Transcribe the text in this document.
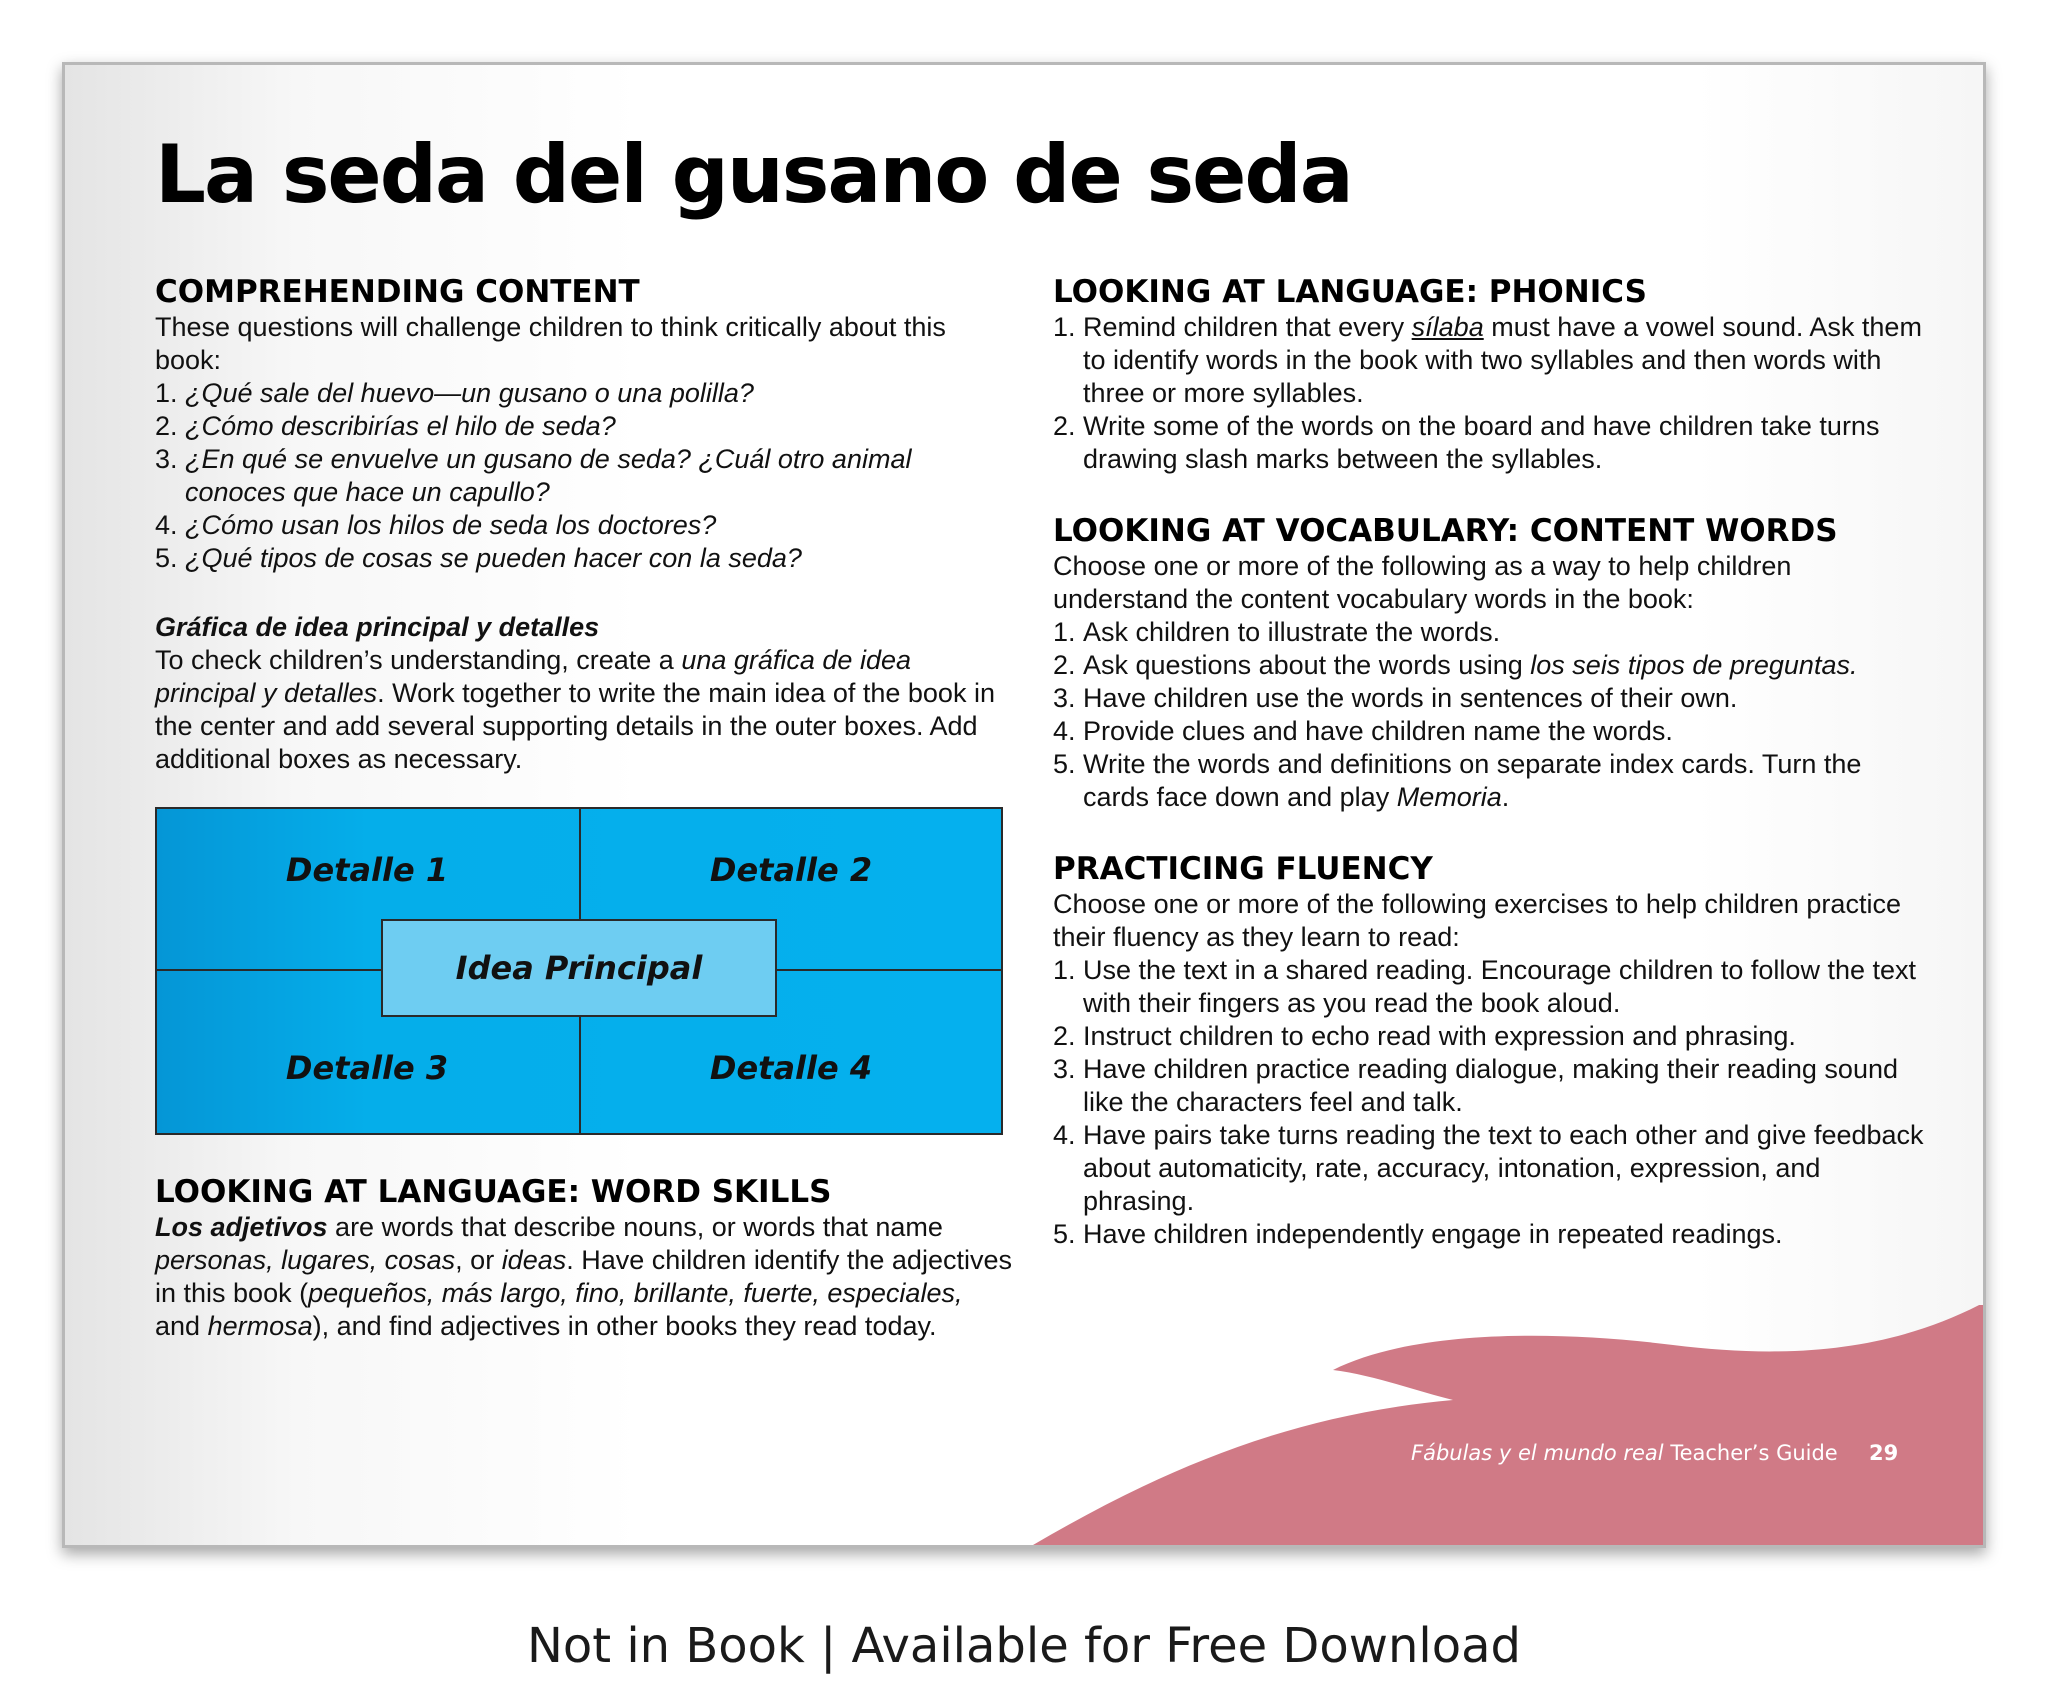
La seda del gusano de seda
COMPREHENDING CONTENT

These questions will challenge children to think critically about this book:

1. ¿Qué sale del huevo—un gusano o una polilla?
2. ¿Cómo describirías el hilo de seda?
3. ¿En qué se envuelve un gusano de seda? ¿Cuál otro animal conoces que hace un capullo?
4. ¿Cómo usan los hilos de seda los doctores?
5. ¿Qué tipos de cosas se pueden hacer con la seda?

Gráfica de idea principal y detalles

To check children’s understanding, create a una gráfica de idea principal y detalles. Work together to write the main idea of the book in the center and add several supporting details in the outer boxes. Add additional boxes as necessary.

Detalle 1	Detalle 2
Detalle 3	Detalle 4
Idea Principal
LOOKING AT LANGUAGE: WORD SKILLS

Los adjetivos are words that describe nouns, or words that name personas, lugares, cosas, or ideas. Have children identify the adjectives in this book (pequeños, más largo, fino, brillante, fuerte, especiales, and hermosa), and find adjectives in other books they read today.

LOOKING AT LANGUAGE: PHONICS
1. Remind children that every sílaba must have a vowel sound. Ask them to identify words in the book with two syllables and then words with three or more syllables.
2. Write some of the words on the board and have children take turns drawing slash marks between the syllables.
LOOKING AT VOCABULARY: CONTENT WORDS

Choose one or more of the following as a way to help children understand the content vocabulary words in the book:

1. Ask children to illustrate the words.
2. Ask questions about the words using los seis tipos de preguntas.
3. Have children use the words in sentences of their own.
4. Provide clues and have children name the words.
5. Write the words and definitions on separate index cards. Turn the cards face down and play Memoria.
PRACTICING FLUENCY

Choose one or more of the following exercises to help children practice their fluency as they learn to read:

1. Use the text in a shared reading. Encourage children to follow the text with their fingers as you read the book aloud.
2. Instruct children to echo read with expression and phrasing.
3. Have children practice reading dialogue, making their reading sound like the characters feel and talk.
4. Have pairs take turns reading the text to each other and give feedback about automaticity, rate, accuracy, intonation, expression, and phrasing.
5. Have children independently engage in repeated readings.
Fábulas y el mundo real Teacher’s Guide 29
Not in Book | Available for Free Download
